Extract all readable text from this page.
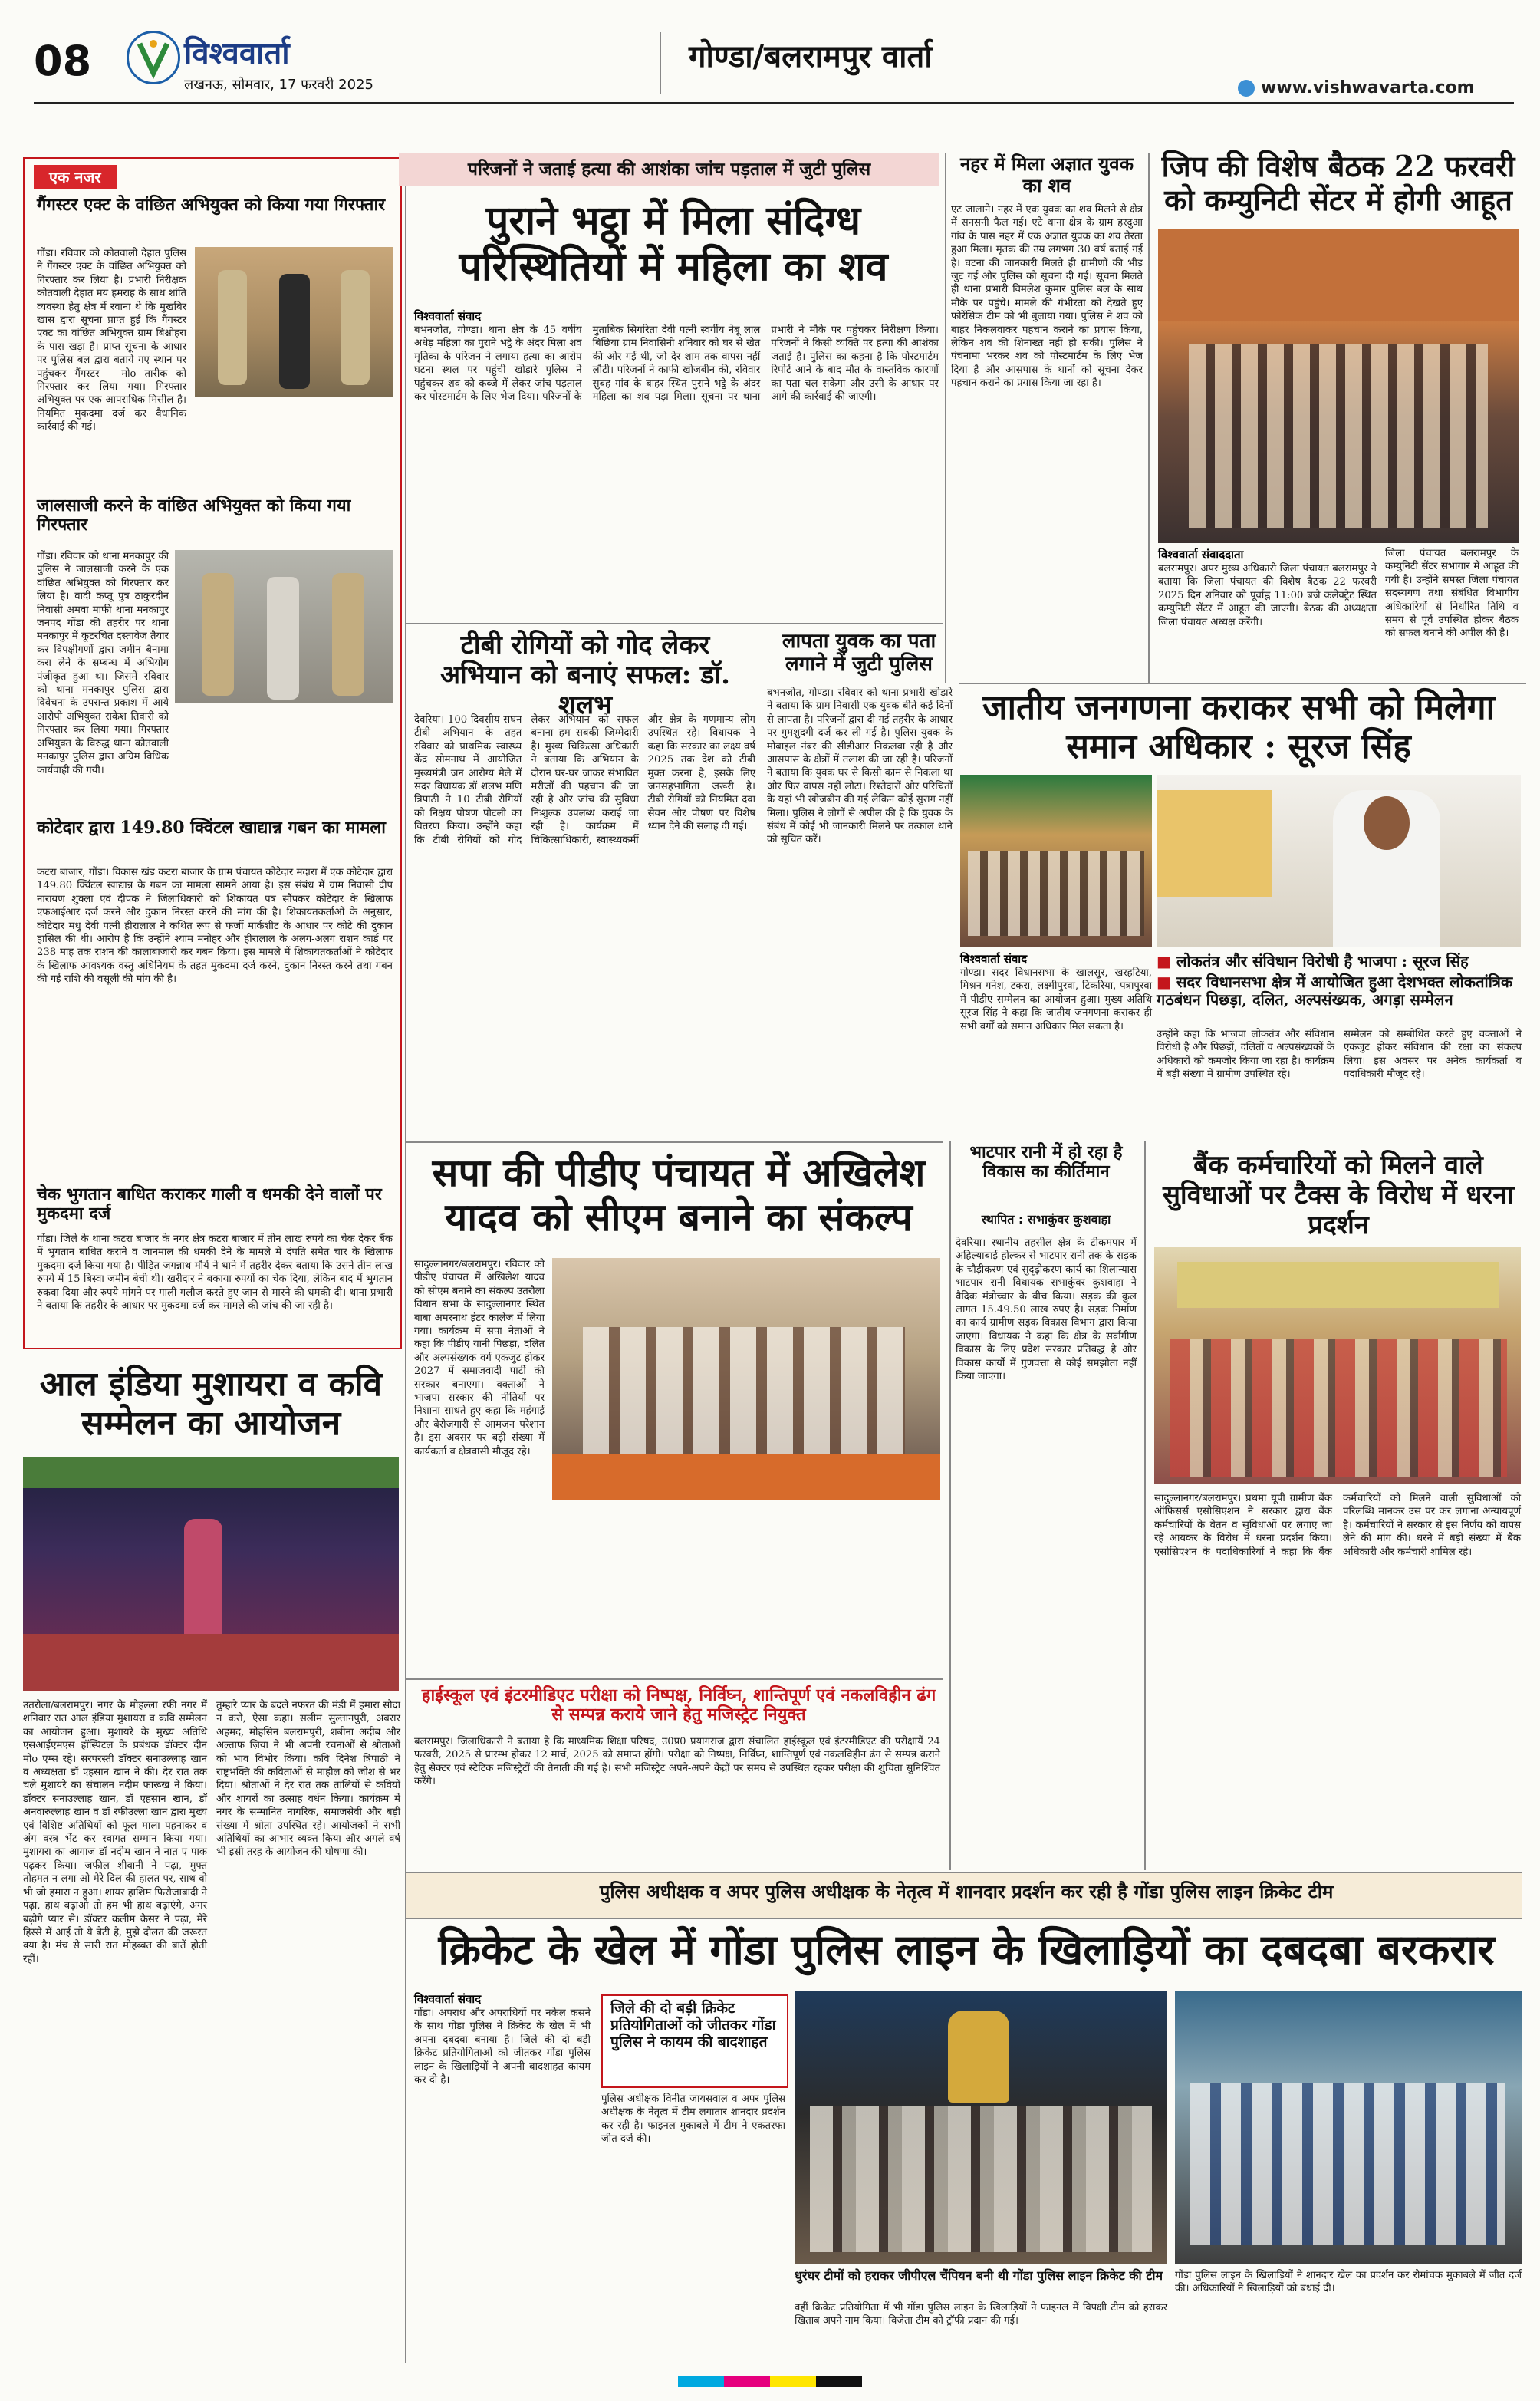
08	विश्ववार्ता
लखनऊ, सोमवार, 17 फरवरी 2025
गोण्डा/बलरामपुर वार्ता
www.vishwavarta.com
एक नजर
गैंगस्टर एक्ट के वांछित अभियुक्त को किया गया गिरफ्तार
गोंडा। रविवार को कोतवाली देहात पुलिस ने गैंगस्टर एक्ट के वांछित अभियुक्त को गिरफ्तार कर लिया है। प्रभारी निरीक्षक कोतवाली देहात मय हमराह के साथ शांति व्यवस्था हेतु क्षेत्र में रवाना थे कि मुखबिर खास द्वारा सूचना प्राप्त हुई कि गैंगस्टर एक्ट का वांछित अभियुक्त ग्राम बिश्नोहरा के पास खड़ा है। प्राप्त सूचना के आधार पर पुलिस बल द्वारा बताये गए स्थान पर पहुंचकर गैंगस्टर – मोo तारीक को गिरफ्तार कर लिया गया। गिरफ्तार अभियुक्त पर एक आपराधिक मिसील है। नियमित मुकदमा दर्ज कर वैधानिक कार्रवाई की गई।
जालसाजी करने के वांछित अभियुक्त को किया गया गिरफ्तार
गोंडा। रविवार को थाना मनकापुर की पुलिस ने जालसाजी करने के एक वांछित अभियुक्त को गिरफ्तार कर लिया है। वादी कप्तू पुत्र ठाकुरदीन निवासी अमवा माफी थाना मनकापुर जनपद गोंडा की तहरीर पर थाना मनकापुर में कूटरचित दस्तावेज तैयार कर विपक्षीगणों द्वारा जमीन बैनामा करा लेने के सम्बन्ध में अभियोग पंजीकृत हुआ था। जिसमें रविवार को थाना मनकापुर पुलिस द्वारा विवेचना के उपरान्त प्रकाश में आये आरोपी अभियुक्त राकेश तिवारी को गिरफ्तार कर लिया गया। गिरफ्तार अभियुक्त के विरुद्ध थाना कोतवाली मनकापुर पुलिस द्वारा अग्रिम विधिक कार्यवाही की गयी।
कोटेदार द्वारा 149.80 क्विंटल खाद्यान्न गबन का मामला
कटरा बाजार, गोंडा। विकास खंड कटरा बाजार के ग्राम पंचायत कोटेदार मदारा में एक कोटेदार द्वारा 149.80 क्विंटल खाद्यान्न के गबन का मामला सामने आया है। इस संबंध में ग्राम निवासी दीप नारायण शुक्ला एवं दीपक ने जिलाधिकारी को शिकायत पत्र सौंपकर कोटेदार के खिलाफ एफआईआर दर्ज करने और दुकान निरस्त करने की मांग की है। शिकायतकर्ताओं के अनुसार, कोटेदार मधु देवी पत्नी हीरालाल ने कथित रूप से फर्जी मार्कशीट के आधार पर कोटे की दुकान हासिल की थी। आरोप है कि उन्होंने श्याम मनोहर और हीरालाल के अलग-अलग राशन कार्ड पर 238 माह तक राशन की कालाबाजारी कर गबन किया। इस मामले में शिकायतकर्ताओं ने कोटेदार के खिलाफ आवश्यक वस्तु अधिनियम के तहत मुकदमा दर्ज करने, दुकान निरस्त करने तथा गबन की गई राशि की वसूली की मांग की है।
चेक भुगतान बाधित कराकर गाली व धमकी देने वालों पर मुकदमा दर्ज
गोंडा। जिले के थाना कटरा बाजार के नगर क्षेत्र कटरा बाजार में तीन लाख रुपये का चेक देकर बैंक में भुगतान बाधित कराने व जानमाल की धमकी देने के मामले में दंपति समेत चार के खिलाफ मुकदमा दर्ज किया गया है। पीड़ित जगन्नाथ मौर्य ने थाने में तहरीर देकर बताया कि उसने तीन लाख रुपये में 15 बिस्वा जमीन बेची थी। खरीदार ने बकाया रुपयों का चेक दिया, लेकिन बाद में भुगतान रुकवा दिया और रुपये मांगने पर गाली-गलौज करते हुए जान से मारने की धमकी दी। थाना प्रभारी ने बताया कि तहरीर के आधार पर मुकदमा दर्ज कर मामले की जांच की जा रही है।
आल इंडिया मुशायरा व कवि सम्मेलन का आयोजन
उतरौला/बलरामपुर। नगर के मोहल्ला रफी नगर में शनिवार रात आल इंडिया मुशायरा व कवि सम्मेलन का आयोजन हुआ। मुशायरे के मुख्य अतिथि एसआईएमएस हॉस्पिटल के प्रबंधक डॉक्टर दीन मोo एम्स रहे। सरपरस्ती डॉक्टर सनाउल्लाह खान व अध्यक्षता डॉ एहसान खान ने की। देर रात तक चले मुशायरे का संचालन नदीम फारूख ने किया। डॉक्टर सनाउल्लाह खान, डॉ एहसान खान, डॉ अनवारुल्लाह खान व डॉ रफीउल्ला खान द्वारा मुख्य एवं विशिष्ट अतिथियों को फूल माला पहनाकर व अंग वस्त्र भेंट कर स्वागत सम्मान किया गया। मुशायरा का आगाज डॉ नदीम खान ने नात ए पाक पढ़कर किया। जफील शीवानी ने पढ़ा, मुफ्त तोहमत न लगा ओ मेरे दिल की हालत पर, साथ वो भी जो हमारा न हुआ। शायर हाशिम फिरोजाबादी ने पढ़ा, हाथ बढ़ाओ तो हम भी हाथ बढ़ाएंगे, अगर बढ़ोगे प्यार से। डॉक्टर कलीम कैसर ने पढ़ा, मेरे हिस्से में आई तो ये बेटी है, मुझे दौलत की जरूरत क्या है। मंच से सारी रात मोहब्बत की बातें होती रहीं।
तुम्हारे प्यार के बदले नफरत की मंडी में हमारा सौदा न करो, ऐसा कहा। सलीम सुल्तानपुरी, अबरार अहमद, मोहसिन बलरामपुरी, शबीना अदीब और अल्ताफ ज़िया ने भी अपनी रचनाओं से श्रोताओं को भाव विभोर किया। कवि दिनेश त्रिपाठी ने राष्ट्रभक्ति की कविताओं से माहौल को जोश से भर दिया। श्रोताओं ने देर रात तक तालियों से कवियों और शायरों का उत्साह वर्धन किया। कार्यक्रम में नगर के सम्मानित नागरिक, समाजसेवी और बड़ी संख्या में श्रोता उपस्थित रहे। आयोजकों ने सभी अतिथियों का आभार व्यक्त किया और अगले वर्ष भी इसी तरह के आयोजन की घोषणा की।
परिजनों ने जताई हत्या की आशंका जांच पड़ताल में जुटी पुलिस
पुराने भट्ठा में मिला संदिग्ध परिस्थितियों में महिला का शव
विश्ववार्ता संवाद
बभनजोत, गोण्डा। थाना क्षेत्र के 45 वर्षीय अधेड़ महिला का पुराने भट्ठे के अंदर मिला शव मृतिका के परिजन ने लगाया हत्या का आरोप घटना स्थल पर पहुंची खोड़ारे पुलिस ने पहुंचकर शव को कब्जे में लेकर जांच पड़ताल कर पोस्टमार्टम के लिए भेज दिया। परिजनों के मुताबिक सिगरिता देवी पत्नी स्वर्गीय नेबू लाल बिछिया ग्राम निवासिनी शनिवार को घर से खेत की ओर गई थी, जो देर शाम तक वापस नहीं लौटी। परिजनों ने काफी खोजबीन की, रविवार सुबह गांव के बाहर स्थित पुराने भट्ठे के अंदर महिला का शव पड़ा मिला। सूचना पर थाना प्रभारी ने मौके पर पहुंचकर निरीक्षण किया। परिजनों ने किसी व्यक्ति पर हत्या की आशंका जताई है। पुलिस का कहना है कि पोस्टमार्टम रिपोर्ट आने के बाद मौत के वास्तविक कारणों का पता चल सकेगा और उसी के आधार पर आगे की कार्रवाई की जाएगी।
नहर में मिला अज्ञात युवक का शव
एट जालाने। नहर में एक युवक का शव मिलने से क्षेत्र में सनसनी फैल गई। एटे थाना क्षेत्र के ग्राम हरदुआ गांव के पास नहर में एक अज्ञात युवक का शव तैरता हुआ मिला। मृतक की उम्र लगभग 30 वर्ष बताई गई है। घटना की जानकारी मिलते ही ग्रामीणों की भीड़ जुट गई और पुलिस को सूचना दी गई। सूचना मिलते ही थाना प्रभारी विमलेश कुमार पुलिस बल के साथ मौके पर पहुंचे। मामले की गंभीरता को देखते हुए फोरेंसिक टीम को भी बुलाया गया। पुलिस ने शव को बाहर निकलवाकर पहचान कराने का प्रयास किया, लेकिन शव की शिनाख्त नहीं हो सकी। पुलिस ने पंचनामा भरकर शव को पोस्टमार्टम के लिए भेज दिया है और आसपास के थानों को सूचना देकर पहचान कराने का प्रयास किया जा रहा है।
जिप की विशेष बैठक 22 फरवरी को कम्युनिटी सेंटर में होगी आहूत
विश्ववार्ता संवाददाता
बलरामपुर। अपर मुख्य अधिकारी जिला पंचायत बलरामपुर ने बताया कि जिला पंचायत की विशेष बैठक 22 फरवरी 2025 दिन शनिवार को पूर्वाह्न 11:00 बजे कलेक्ट्रेट स्थित कम्युनिटी सेंटर में आहूत की जाएगी। बैठक की अध्यक्षता जिला पंचायत अध्यक्ष करेंगी।
जिला पंचायत बलरामपुर के कम्युनिटी सेंटर सभागार में आहूत की गयी है। उन्होंने समस्त जिला पंचायत सदस्यगण तथा संबंधित विभागीय अधिकारियों से निर्धारित तिथि व समय से पूर्व उपस्थित होकर बैठक को सफल बनाने की अपील की है।
टीबी रोगियों को गोद लेकर अभियान को बनाएं सफल: डॉ. शलभ
देवरिया। 100 दिवसीय सघन टीबी अभियान के तहत रविवार को प्राथमिक स्वास्थ्य केंद्र सोमनाथ में आयोजित मुख्यमंत्री जन आरोग्य मेले में सदर विधायक डॉ शलभ मणि त्रिपाठी ने 10 टीबी रोगियों को निक्षय पोषण पोटली का वितरण किया। उन्होंने कहा कि टीबी रोगियों को गोद लेकर अभियान को सफल बनाना हम सबकी जिम्मेदारी है। मुख्य चिकित्सा अधिकारी ने बताया कि अभियान के दौरान घर-घर जाकर संभावित मरीजों की पहचान की जा रही है और जांच की सुविधा निःशुल्क उपलब्ध कराई जा रही है। कार्यक्रम में चिकित्साधिकारी, स्वास्थ्यकर्मी और क्षेत्र के गणमान्य लोग उपस्थित रहे। विधायक ने कहा कि सरकार का लक्ष्य वर्ष 2025 तक देश को टीबी मुक्त करना है, इसके लिए जनसहभागिता जरूरी है। टीबी रोगियों को नियमित दवा सेवन और पोषण पर विशेष ध्यान देने की सलाह दी गई।
लापता युवक का पता लगाने में जुटी पुलिस
बभनजोत, गोण्डा। रविवार को थाना प्रभारी खोड़ारे ने बताया कि ग्राम निवासी एक युवक बीते कई दिनों से लापता है। परिजनों द्वारा दी गई तहरीर के आधार पर गुमशुदगी दर्ज कर ली गई है। पुलिस युवक के मोबाइल नंबर की सीडीआर निकलवा रही है और आसपास के क्षेत्रों में तलाश की जा रही है। परिजनों ने बताया कि युवक घर से किसी काम से निकला था और फिर वापस नहीं लौटा। रिश्तेदारों और परिचितों के यहां भी खोजबीन की गई लेकिन कोई सुराग नहीं मिला। पुलिस ने लोगों से अपील की है कि युवक के संबंध में कोई भी जानकारी मिलने पर तत्काल थाने को सूचित करें।
जातीय जनगणना कराकर सभी को मिलेगा समान अधिकार : सूरज सिंह
विश्ववार्ता संवाद
गोण्डा। सदर विधानसभा के खालसुर, खरहटिया, मिश्रन गनेश, टकरा, लक्ष्मीपुरवा, टिकरिया, पत्रापुरवा में पीडीए सम्मेलन का आयोजन हुआ। मुख्य अतिथि सूरज सिंह ने कहा कि जातीय जनगणना कराकर ही सभी वर्गों को समान अधिकार मिल सकता है।
■ लोकतंत्र और संविधान विरोधी है भाजपा : सूरज सिंह
■ सदर विधानसभा क्षेत्र में आयोजित हुआ देशभक्त लोकतांत्रिक गठबंधन पिछड़ा, दलित, अल्पसंख्यक, अगड़ा सम्मेलन
उन्होंने कहा कि भाजपा लोकतंत्र और संविधान विरोधी है और पिछड़ों, दलितों व अल्पसंख्यकों के अधिकारों को कमजोर किया जा रहा है। कार्यक्रम में बड़ी संख्या में ग्रामीण उपस्थित रहे।
सम्मेलन को सम्बोधित करते हुए वक्ताओं ने एकजुट होकर संविधान की रक्षा का संकल्प लिया। इस अवसर पर अनेक कार्यकर्ता व पदाधिकारी मौजूद रहे।
सपा की पीडीए पंचायत में अखिलेश यादव को सीएम बनाने का संकल्प
सादुल्लानगर/बलरामपुर। रविवार को पीडीए पंचायत में अखिलेश यादव को सीएम बनाने का संकल्प उतरौला विधान सभा के सादुल्लानगर स्थित बाबा अमरनाथ इंटर कालेज में लिया गया। कार्यक्रम में सपा नेताओं ने कहा कि पीडीए यानी पिछड़ा, दलित और अल्पसंख्यक वर्ग एकजुट होकर 2027 में समाजवादी पार्टी की सरकार बनाएगा। वक्ताओं ने भाजपा सरकार की नीतियों पर निशाना साधते हुए कहा कि महंगाई और बेरोजगारी से आमजन परेशान है। इस अवसर पर बड़ी संख्या में कार्यकर्ता व क्षेत्रवासी मौजूद रहे।
भाटपार रानी में हो रहा है विकास का कीर्तिमान
स्थापित : सभाकुंवर कुशवाहा
देवरिया। स्थानीय तहसील क्षेत्र के टीकमपार में अहिल्याबाई होल्कर से भाटपार रानी तक के सड़क के चौड़ीकरण एवं सुदृढ़ीकरण कार्य का शिलान्यास भाटपार रानी विधायक सभाकुंवर कुशवाहा ने वैदिक मंत्रोच्चार के बीच किया। सड़क की कुल लागत 15.49.50 लाख रुपए है। सड़क निर्माण का कार्य ग्रामीण सड़क विकास विभाग द्वारा किया जाएगा। विधायक ने कहा कि क्षेत्र के सर्वांगीण विकास के लिए प्रदेश सरकार प्रतिबद्ध है और विकास कार्यों में गुणवत्ता से कोई समझौता नहीं किया जाएगा।
बैंक कर्मचारियों को मिलने वाले सुविधाओं पर टैक्स के विरोध में धरना प्रदर्शन
सादुल्लानगर/बलरामपुर। प्रथमा यूपी ग्रामीण बैंक ऑफिसर्स एसोसिएशन ने सरकार द्वारा बैंक कर्मचारियों के वेतन व सुविधाओं पर लगाए जा रहे आयकर के विरोध में धरना प्रदर्शन किया। एसोसिएशन के पदाधिकारियों ने कहा कि बैंक कर्मचारियों को मिलने वाली सुविधाओं को परिलब्धि मानकर उस पर कर लगाना अन्यायपूर्ण है। कर्मचारियों ने सरकार से इस निर्णय को वापस लेने की मांग की। धरने में बड़ी संख्या में बैंक अधिकारी और कर्मचारी शामिल रहे।
हाईस्कूल एवं इंटरमीडिएट परीक्षा को निष्पक्ष, निर्विघ्न, शान्तिपूर्ण एवं नकलविहीन ढंग से सम्पन्न कराये जाने हेतु मजिस्ट्रेट नियुक्त
बलरामपुर। जिलाधिकारी ने बताया है कि माध्यमिक शिक्षा परिषद, उ0प्र0 प्रयागराज द्वारा संचालित हाईस्कूल एवं इंटरमीडिएट की परीक्षायें 24 फरवरी, 2025 से प्रारम्भ होकर 12 मार्च, 2025 को समाप्त होंगी। परीक्षा को निष्पक्ष, निर्विघ्न, शान्तिपूर्ण एवं नकलविहीन ढंग से सम्पन्न कराने हेतु सेक्टर एवं स्टेटिक मजिस्ट्रेटों की तैनाती की गई है। सभी मजिस्ट्रेट अपने-अपने केंद्रों पर समय से उपस्थित रहकर परीक्षा की शुचिता सुनिश्चित करेंगे।
पुलिस अधीक्षक व अपर पुलिस अधीक्षक के नेतृत्व में शानदार प्रदर्शन कर रही है गोंडा पुलिस लाइन क्रिकेट टीम
क्रिकेट के खेल में गोंडा पुलिस लाइन के खिलाड़ियों का दबदबा बरकरार
विश्ववार्ता संवाद
गोंडा। अपराध और अपराधियों पर नकेल कसने के साथ गोंडा पुलिस ने क्रिकेट के खेल में भी अपना दबदबा बनाया है। जिले की दो बड़ी क्रिकेट प्रतियोगिताओं को जीतकर गोंडा पुलिस लाइन के खिलाड़ियों ने अपनी बादशाहत कायम कर दी है।
जिले की दो बड़ी क्रिकेट प्रतियोगिताओं को जीतकर गोंडा पुलिस ने कायम की बादशाहत
पुलिस अधीक्षक विनीत जायसवाल व अपर पुलिस अधीक्षक के नेतृत्व में टीम लगातार शानदार प्रदर्शन कर रही है। फाइनल मुकाबले में टीम ने एकतरफा जीत दर्ज की।
धुरंधर टीमों को हराकर जीपीएल चैंपियन बनी थी गोंडा पुलिस लाइन क्रिकेट की टीम
वहीं क्रिकेट प्रतियोगिता में भी गोंडा पुलिस लाइन के खिलाड़ियों ने फाइनल में विपक्षी टीम को हराकर खिताब अपने नाम किया। विजेता टीम को ट्रॉफी प्रदान की गई।
गोंडा पुलिस लाइन के खिलाड़ियों ने शानदार खेल का प्रदर्शन कर रोमांचक मुकाबले में जीत दर्ज की। अधिकारियों ने खिलाड़ियों को बधाई दी।
